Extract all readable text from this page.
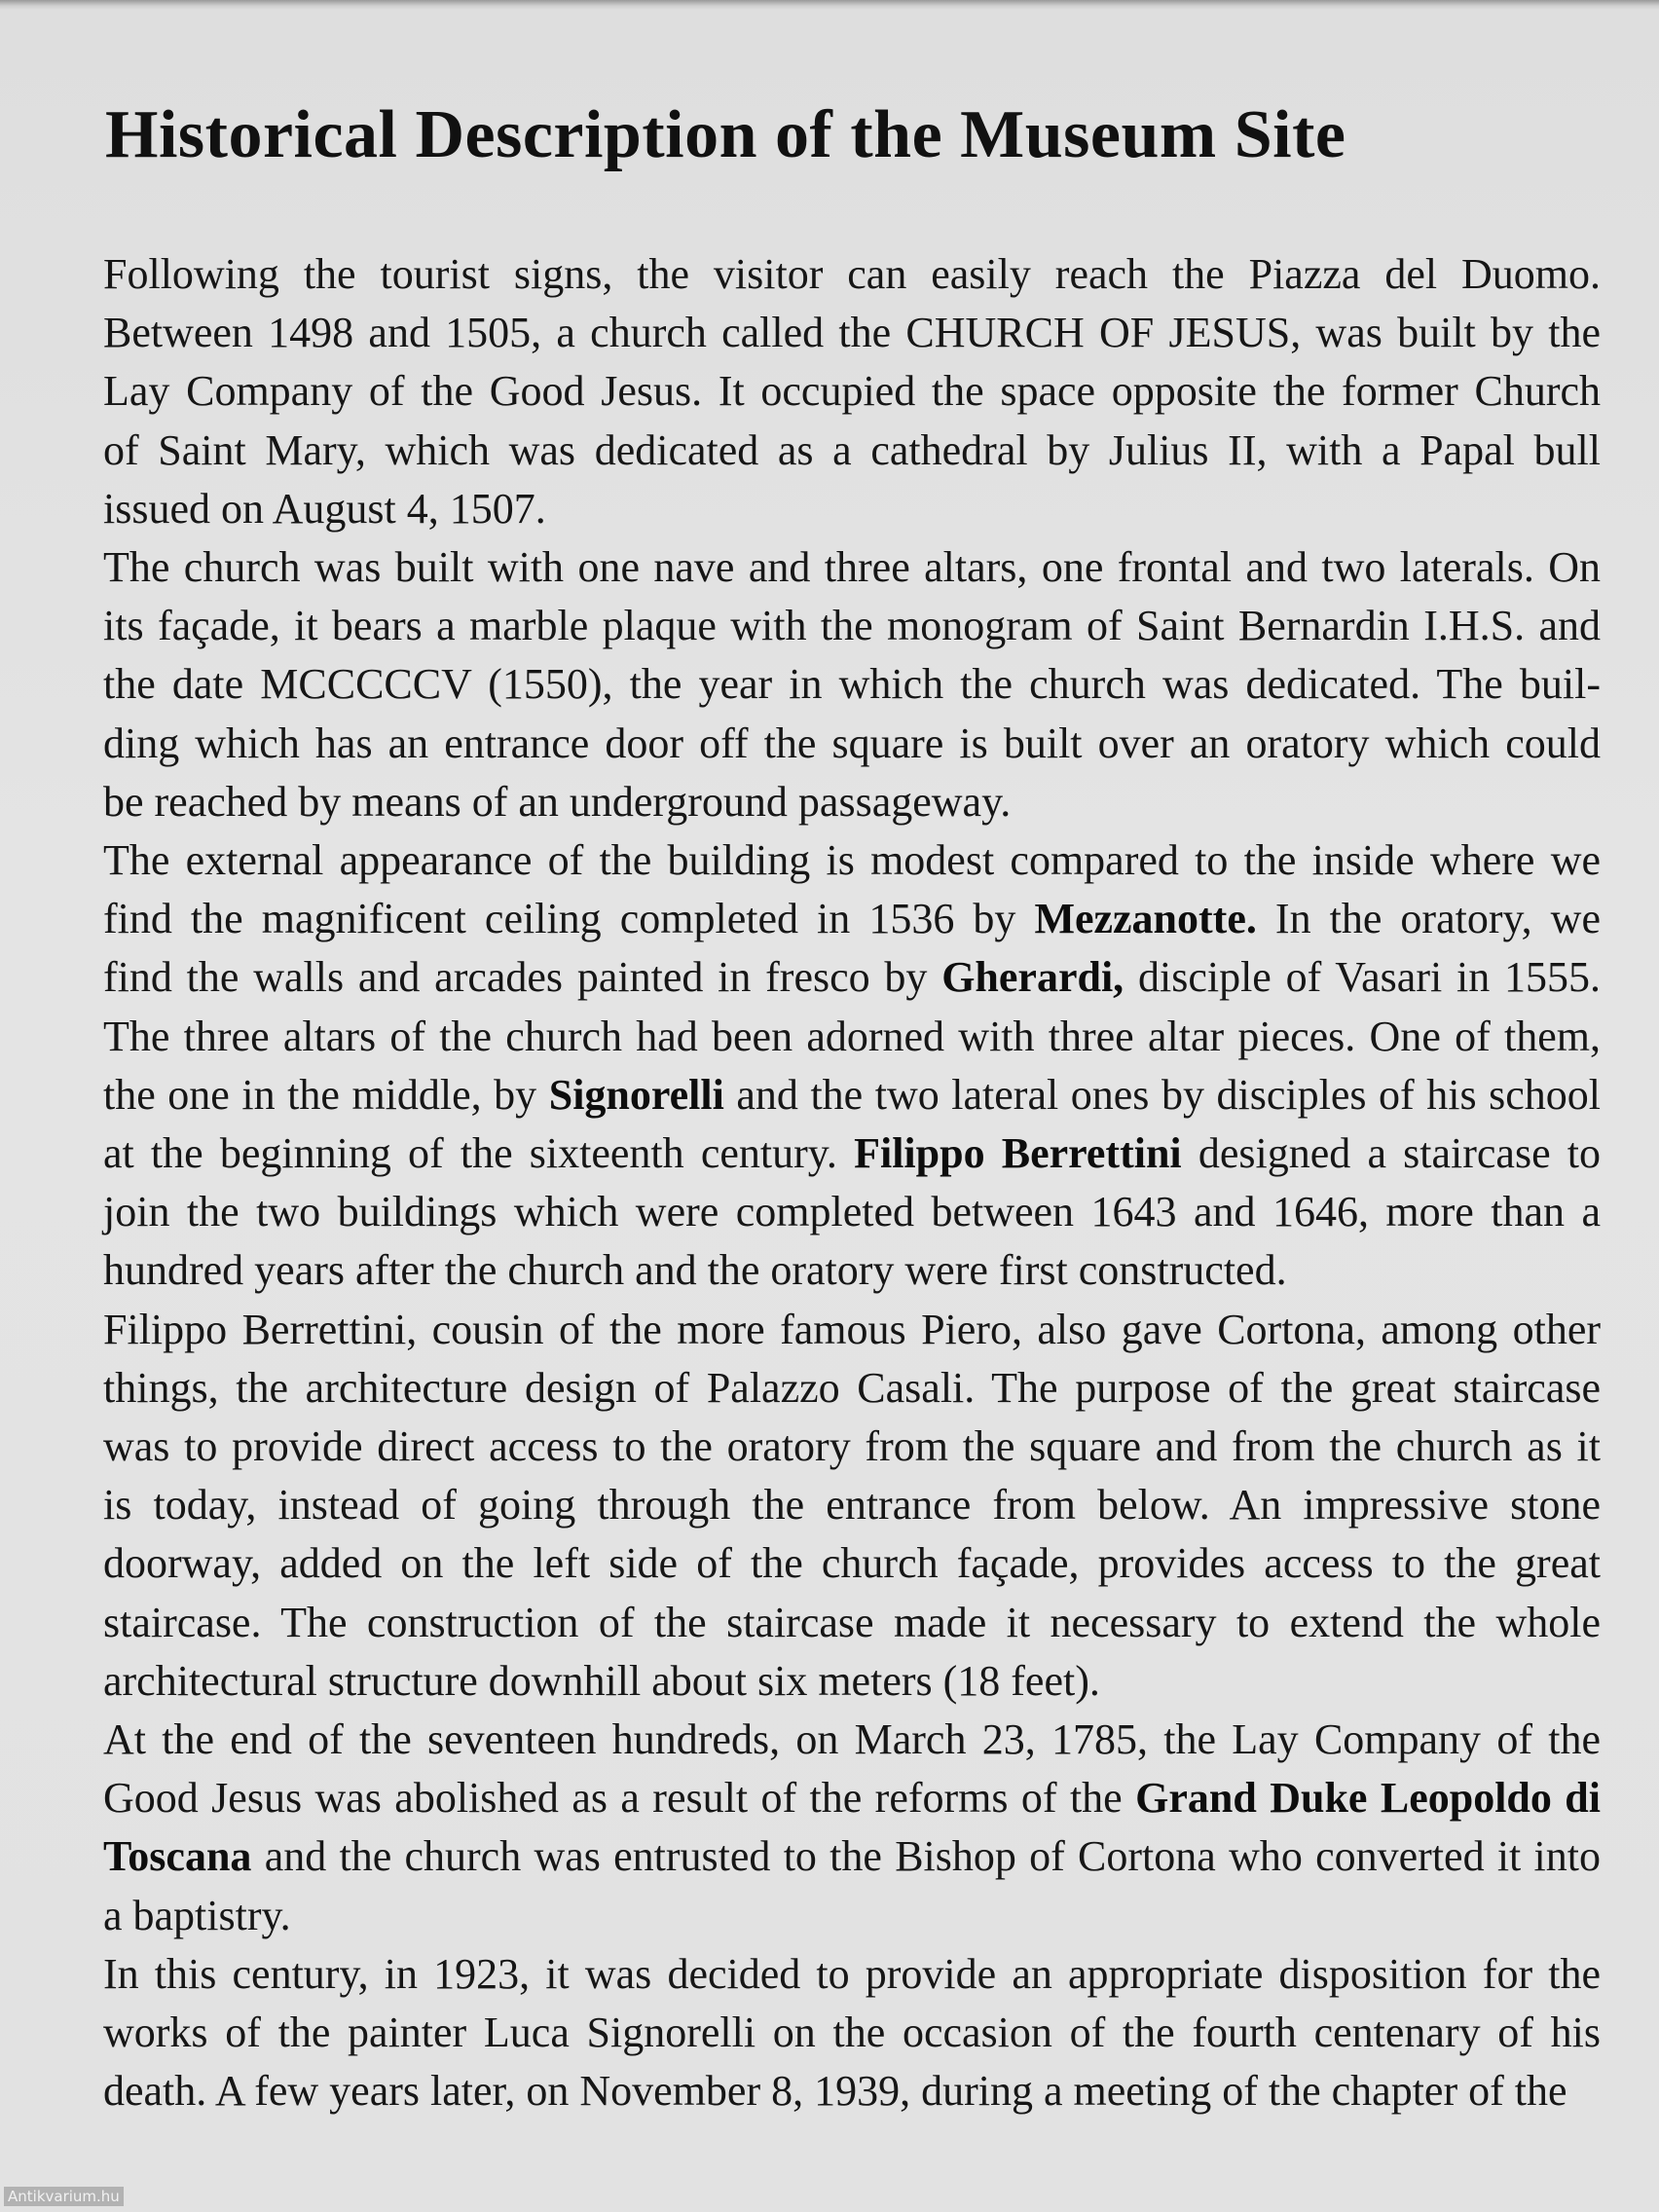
Historical Description of the Museum Site

Following the tourist signs, the visitor can easily reach the Piazza del Duomo.
Between 1498 and 1505, a church called the CHURCH OF JESUS, was built by the
Lay Company of the Good Jesus. It occupied the space opposite the former Church
of Saint Mary, which was dedicated as a cathedral by Julius II, with a Papal bull
issued on August 4, 1507.

The church was built with one nave and three altars, one frontal and two laterals. On
its façade, it bears a marble plaque with the monogram of Saint Bernardin I.H.S. and
the date MCCCCCV (1550), the year in which the church was dedicated. The buil-
ding which has an entrance door off the square is built over an oratory which could
be reached by means of an underground passageway.

The external appearance of the building is modest compared to the inside where we
find the magnificent ceiling completed in 1536 by Mezzanotte. In the oratory, we
find the walls and arcades painted in fresco by Gherardi, disciple of Vasari in 1555.
The three altars of the church had been adorned with three altar pieces. One of them,
the one in the middle, by Signorelli and the two lateral ones by disciples of his school
at the beginning of the sixteenth century. Filippo Berrettini designed a staircase to
join the two buildings which were completed between 1643 and 1646, more than a
hundred years after the church and the oratory were first constructed.

Filippo Berrettini, cousin of the more famous Piero, also gave Cortona, among other
things, the architecture design of Palazzo Casali. The purpose of the great staircase
was to provide direct access to the oratory from the square and from the church as it
is today, instead of going through the entrance from below. An impressive stone
doorway, added on the left side of the church façade, provides access to the great
staircase. The construction of the staircase made it necessary to extend the whole
architectural structure downhill about six meters (18 feet).

At the end of the seventeen hundreds, on March 23, 1785, the Lay Company of the
Good Jesus was abolished as a result of the reforms of the Grand Duke Leopoldo di
Toscana and the church was entrusted to the Bishop of Cortona who converted it into
a baptistry.

In this century, in 1923, it was decided to provide an appropriate disposition for the
works of the painter Luca Signorelli on the occasion of the fourth centenary of his
death. A few years later, on November 8, 1939, during a meeting of the chapter of the

Antikvarium.hu
